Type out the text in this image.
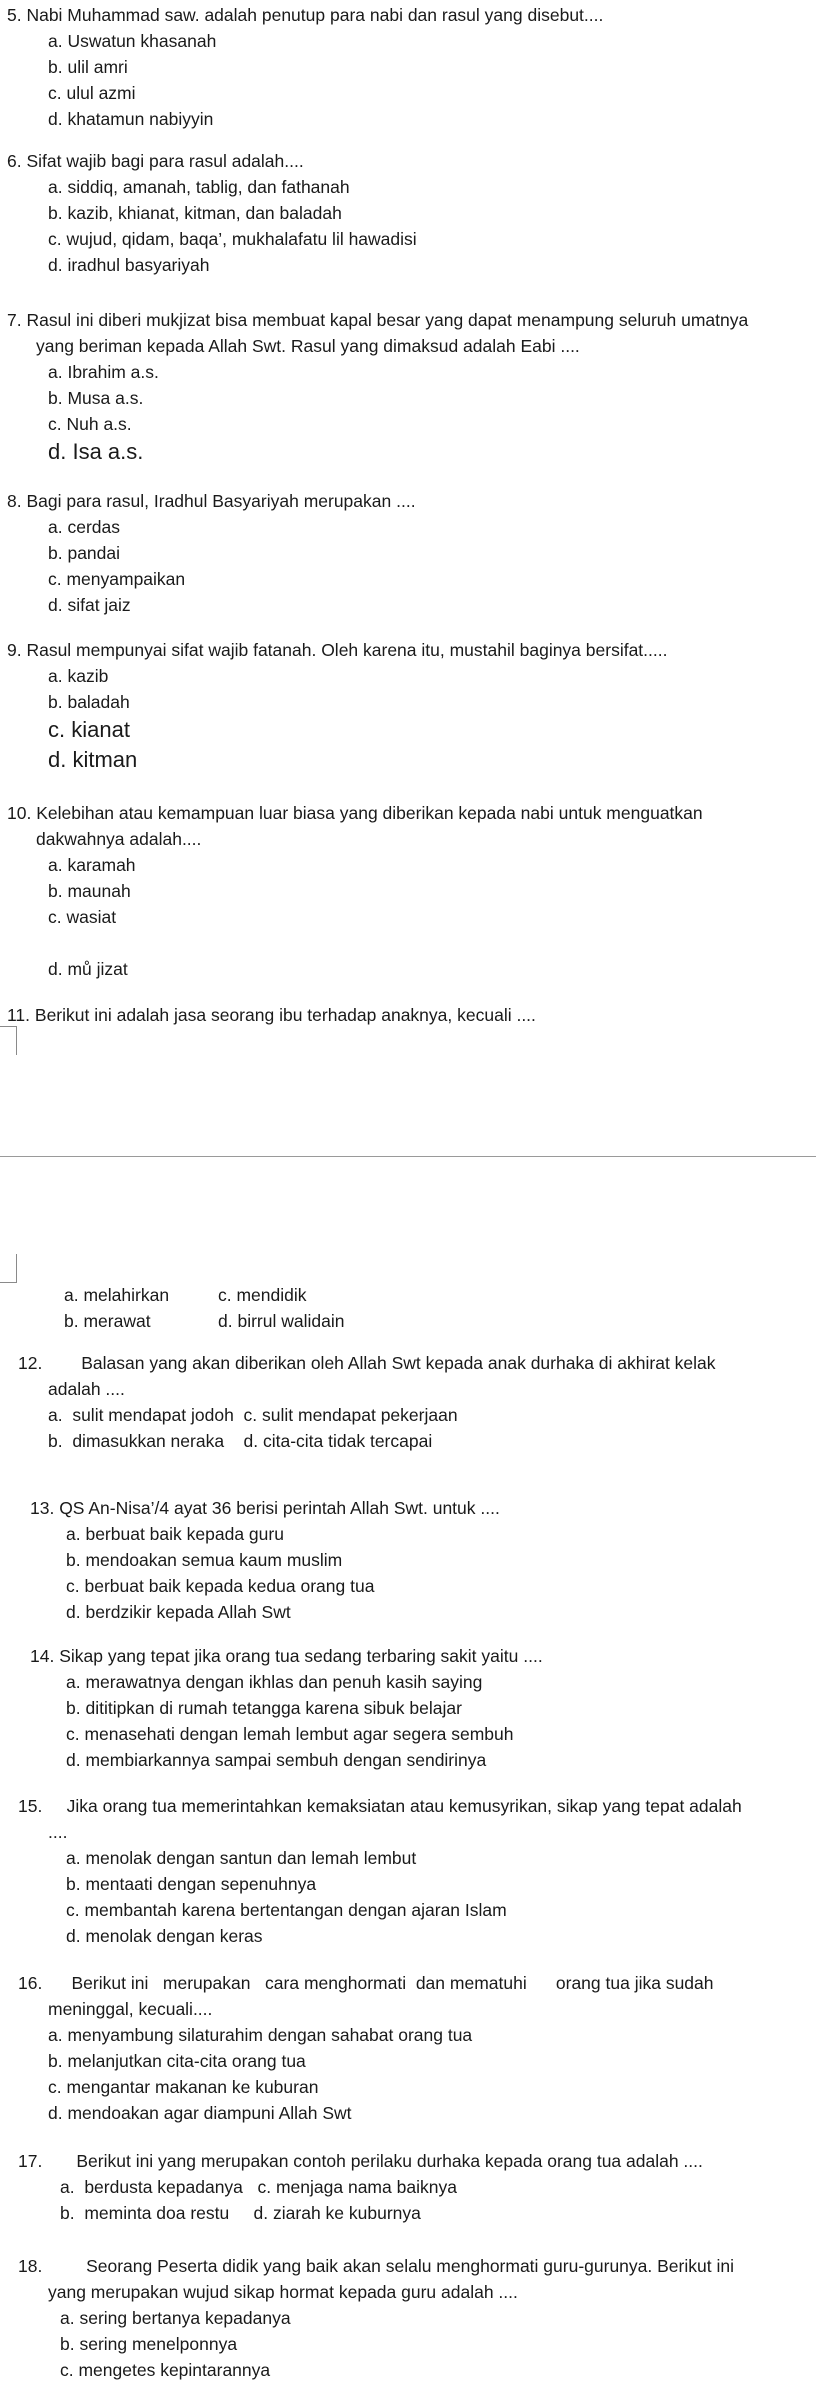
5. Nabi Muhammad saw. adalah penutup para nabi dan rasul yang disebut....
a. Uswatun khasanah
b. ulil amri
c. ulul azmi
d. khatamun nabiyyin
6. Sifat wajib bagi para rasul adalah....
a. siddiq, amanah, tablig, dan fathanah
b. kazib, khianat, kitman, dan baladah
c. wujud, qidam, baqa’, mukhalafatu lil hawadisi
d. iradhul basyariyah
7. Rasul ini diberi mukjizat bisa membuat kapal besar yang dapat menampung seluruh umatnya
yang beriman kepada Allah Swt. Rasul yang dimaksud adalah Eabi ....
a. Ibrahim a.s.
b. Musa a.s.
c. Nuh a.s.
d. Isa a.s.
8. Bagi para rasul, Iradhul Basyariyah merupakan ....
a. cerdas
b. pandai
c. menyampaikan
d. sifat jaiz
9. Rasul mempunyai sifat wajib fatanah. Oleh karena itu, mustahil baginya bersifat.....
a. kazib
b. baladah
c. kianat
d. kitman
10. Kelebihan atau kemampuan luar biasa yang diberikan kepada nabi untuk menguatkan
dakwahnya adalah....
a. karamah
b. maunah
c. wasiat
d. mů jizat
11. Berikut ini adalah jasa seorang ibu terhadap anaknya, kecuali ....
a. melahirkan	c. mendidik
b. merawat	d. birrul walidain
12.        Balasan yang akan diberikan oleh Allah Swt kepada anak durhaka di akhirat kelak
adalah ....
a.  sulit mendapat jodoh  c. sulit mendapat pekerjaan
b.  dimasukkan neraka    d. cita-cita tidak tercapai
13. QS An-Nisa’/4 ayat 36 berisi perintah Allah Swt. untuk ....
a. berbuat baik kepada guru
b. mendoakan semua kaum muslim
c. berbuat baik kepada kedua orang tua
d. berdzikir kepada Allah Swt
14. Sikap yang tepat jika orang tua sedang terbaring sakit yaitu ....
a. merawatnya dengan ikhlas dan penuh kasih saying
b. dititipkan di rumah tetangga karena sibuk belajar
c. menasehati dengan lemah lembut agar segera sembuh
d. membiarkannya sampai sembuh dengan sendirinya
15.     Jika orang tua memerintahkan kemaksiatan atau kemusyrikan, sikap yang tepat adalah
....
a. menolak dengan santun dan lemah lembut
b. mentaati dengan sepenuhnya
c. membantah karena bertentangan dengan ajaran Islam
d. menolak dengan keras
16.      Berikut ini   merupakan   cara menghormati  dan mematuhi      orang tua jika sudah
meninggal, kecuali....
a. menyambung silaturahim dengan sahabat orang tua
b. melanjutkan cita-cita orang tua
c. mengantar makanan ke kuburan
d. mendoakan agar diampuni Allah Swt
17.       Berikut ini yang merupakan contoh perilaku durhaka kepada orang tua adalah ....
a.  berdusta kepadanya   c. menjaga nama baiknya
b.  meminta doa restu     d. ziarah ke kuburnya
18.         Seorang Peserta didik yang baik akan selalu menghormati guru-gurunya. Berikut ini
yang merupakan wujud sikap hormat kepada guru adalah ....
a. sering bertanya kepadanya
b. sering menelponnya
c. mengetes kepintarannya
